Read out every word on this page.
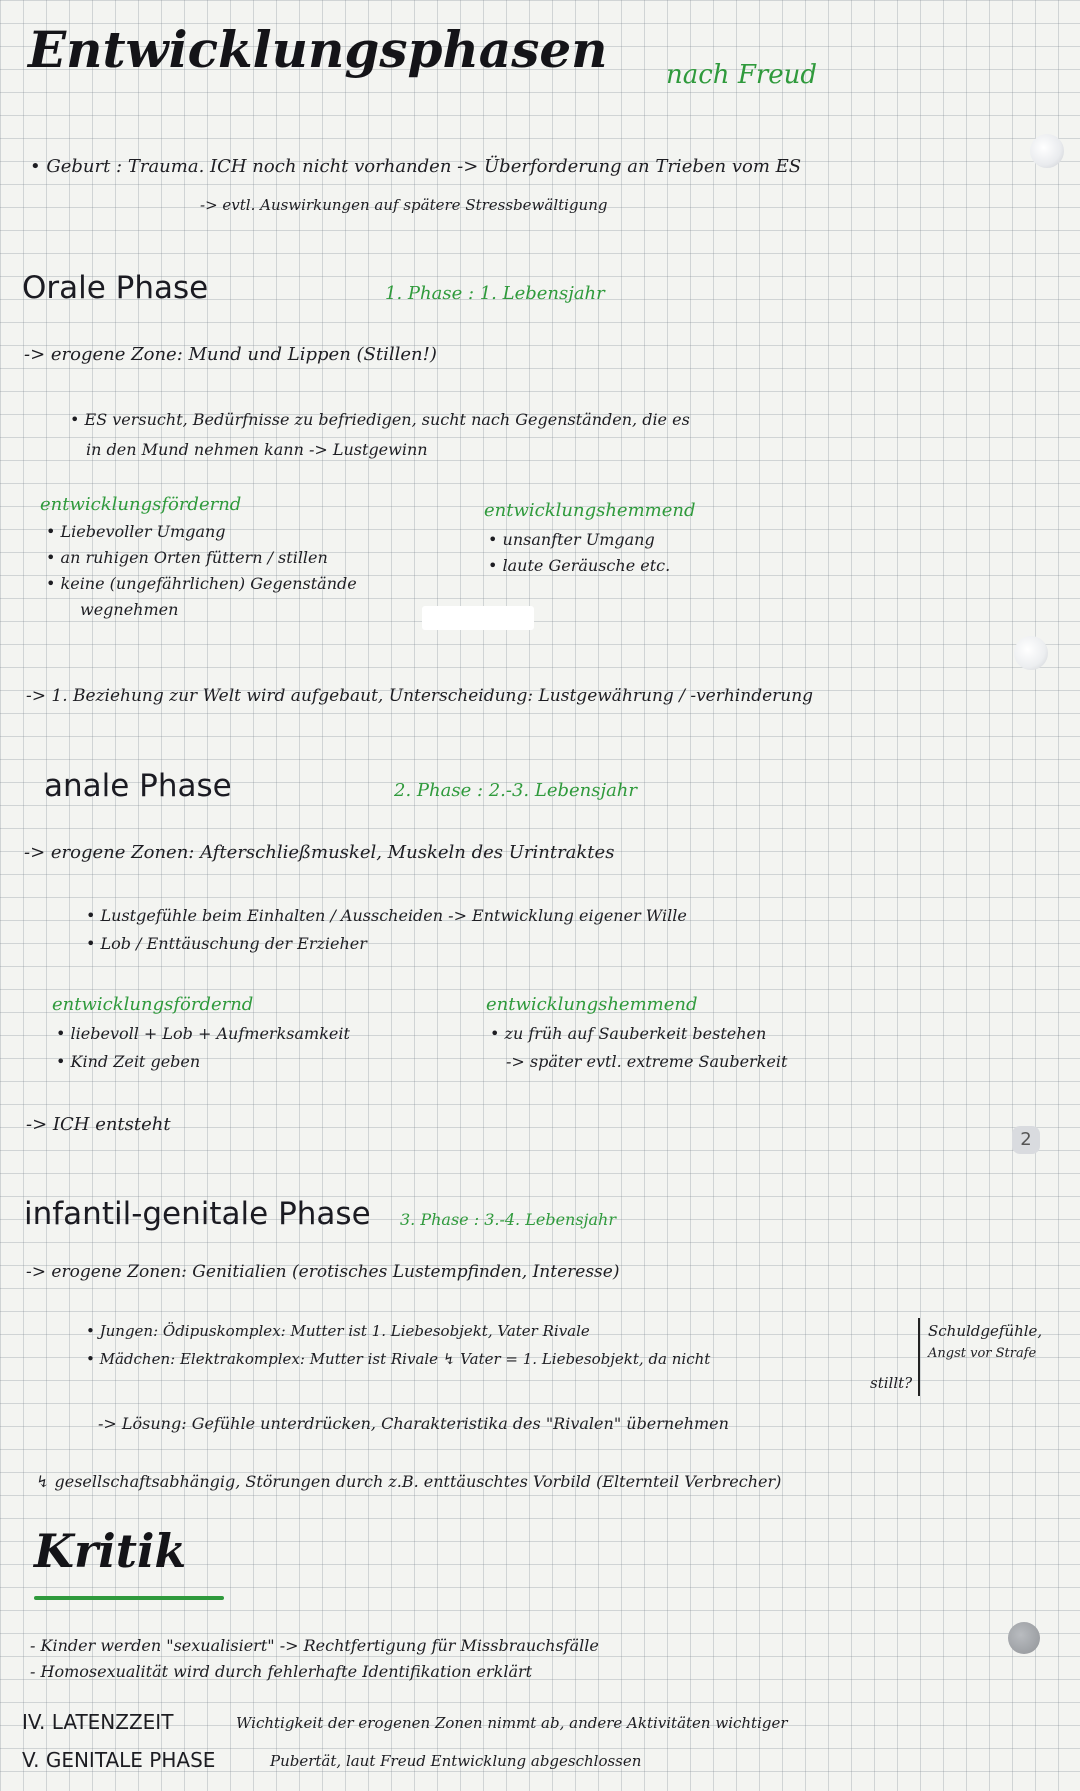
Entwicklungsphasen nach Freud
• Geburt : Trauma. ICH noch nicht vorhanden -> Überforderung an Trieben vom ES
-> evtl. Auswirkungen auf spätere Stressbewältigung
Orale Phase	1. Phase : 1. Lebensjahr
-> erogene Zone: Mund und Lippen (Stillen!)
• ES versucht, Bedürfnisse zu befriedigen, sucht nach Gegenständen, die es
in den Mund nehmen kann -> Lustgewinn
entwicklungsfördernd
• Liebevoller Umgang
• an ruhigen Orten füttern / stillen
• keine (ungefährlichen) Gegenstände
wegnehmen
entwicklungshemmend
• unsanfter Umgang
• laute Geräusche etc.
-> 1. Beziehung zur Welt wird aufgebaut, Unterscheidung: Lustgewährung / -verhinderung
anale Phase	2. Phase : 2.-3. Lebensjahr
-> erogene Zonen: Afterschließmuskel, Muskeln des Urintraktes
• Lustgefühle beim Einhalten / Ausscheiden -> Entwicklung eigener Wille
• Lob / Enttäuschung der Erzieher
entwicklungsfördernd
• liebevoll + Lob + Aufmerksamkeit
• Kind Zeit geben
entwicklungshemmend
• zu früh auf Sauberkeit bestehen
-> später evtl. extreme Sauberkeit
-> ICH entsteht
infantil-genitale Phase 3. Phase : 3.-4. Lebensjahr
-> erogene Zonen: Genitialien (erotisches Lustempfinden, Interesse)
• Jungen: Ödipuskomplex: Mutter ist 1. Liebesobjekt, Vater Rivale
• Mädchen: Elektrakomplex: Mutter ist Rivale ↯ Vater = 1. Liebesobjekt, da nicht
stillt?
Schuldgefühle,
Angst vor Strafe
-> Lösung: Gefühle unterdrücken, Charakteristika des "Rivalen" übernehmen
↯ gesellschaftsabhängig, Störungen durch z.B. enttäuschtes Vorbild (Elternteil Verbrecher)
Kritik
- Kinder werden "sexualisiert" -> Rechtfertigung für Missbrauchsfälle
- Homosexualität wird durch fehlerhafte Identifikation erklärt
IV. LATENZZEIT	Wichtigkeit der erogenen Zonen nimmt ab, andere Aktivitäten wichtiger
V. GENITALE PHASE	Pubertät, laut Freud Entwicklung abgeschlossen
2
